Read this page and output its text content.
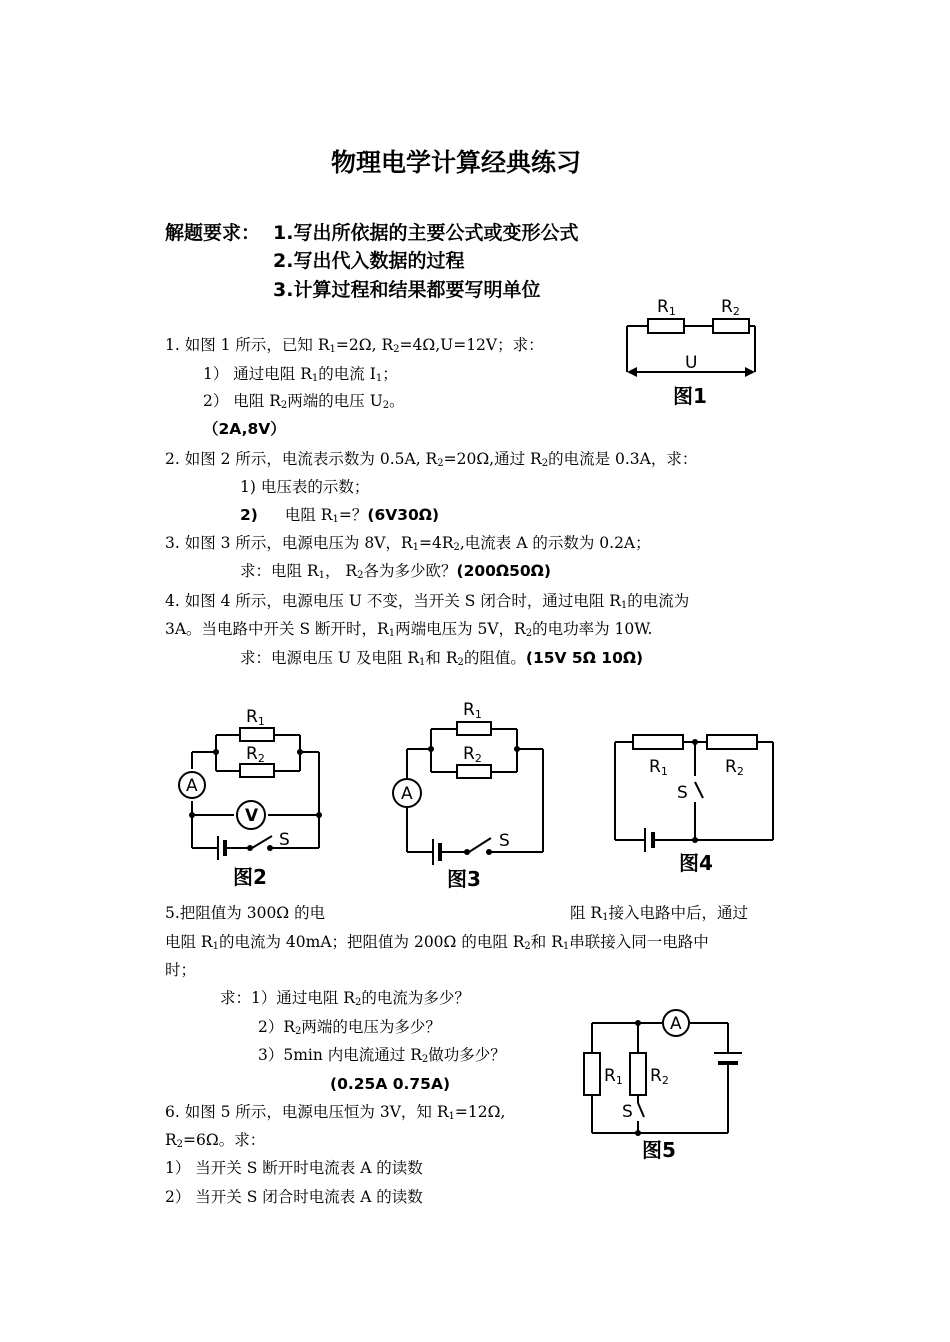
物理电学计算经典练习
解题要求： 1.写出所依据的主要公式或变形公式
2.写出代入数据的过程
3.计算过程和结果都要写明单位
1. 如图 1 所示，已知 $R_1=2\Omega$, $R_2=4\Omega,U=12V$；求：
1） 通过电阻 $R_1$的电流 $I_1$；
2） 电阻 $R_2$两端的电压 $U_2$。
（2A,8V）
2. 如图 2 所示，电流表示数为 0.5A, $R_2=20\Omega$,通过 $R_2$的电流是 0.3A，求：
1) 电压表的示数；
2) 电阻 $R_1=$？(6V30Ω)
3. 如图 3 所示，电源电压为 8V，$R_1=4R_2$,电流表 A 的示数为 0.2A；
求：电阻 $R_1$， $R_2$各为多少欧？(200Ω50Ω)
4. 如图 4 所示，电源电压 U 不变，当开关 S 闭合时，通过电阻 $R_1$的电流为
3A。当电路中开关 S 断开时，$R_1$两端电压为 5V，$R_2$的电功率为 10W.
求：电源电压 U 及电阻 $R_1$和 $R_2$的阻值。(15V 5Ω 10Ω)
5.把阻值为 300Ω 的电	阻 $R_1$接入电路中后，通过
电阻 $R_1$的电流为 40mA；把阻值为 200Ω 的电阻 $R_2$和 $R_1$串联接入同一电路中
时；
求：1）通过电阻 $R_2$的电流为多少？
$2)R_2$两端的电压为多少？
3）5min 内电流通过 $R_2$做功多少？
(0.25A 0.75A)
6. 如图 5 所示，电源电压恒为 3V，知 $R_1=12\Omega$,
$R_2=6\Omega$。求：
1） 当开关 S 断开时电流表 A 的读数
2） 当开关 S 闭合时电流表 A 的读数
R1	R2
U
图1
R1
R2
A
V
S
图2
R1
R2
A
S
图3
R1	R2
S
图4
A
R1 R2
S
图5
